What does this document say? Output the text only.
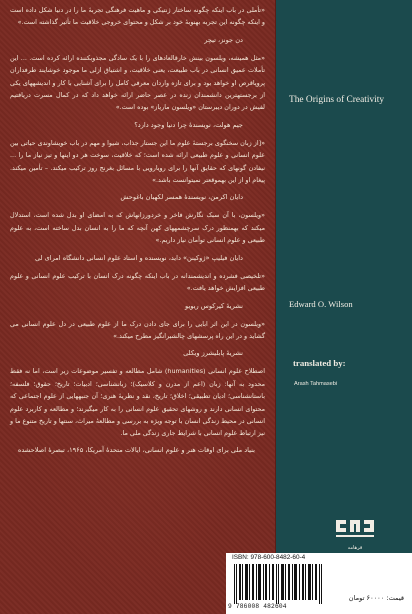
«تأملی در باب اینکه چگونه ساختار ژنتیکی و ماهیت فرهنگی تجربهٔ ما را در دنیا شکل داده است و اینکه چگونه این تجربه بهنوبهٔ خود بر شکل و محتوای خروجی خلاقیت ما تأثیر گذاشته است.»

دن جونز، تیچر

«مثل همیشه، ویلسون بینش خارقالعادهای را با یک سادگی مجذوبکننده ارائه کرده است. ... این تأملات عمیق انسانی در باب طبیعت، یعنی خلاقیت، و اشتیاق ازلی ما موجود خوشایند طرفداران پروپاقرص او خواهد بود و برای تازه واردان معرفی کامل را برای آشنایی با کار و اندیشههای یکی از برجستهترین دانشمندان زنده در عصر حاضر ارائه خواهد داد که در کمال مسرت دریافتیم لفیش در دوران دیبرستان «ویلسون ماریاز» بوده است.»

جیم هولت، نویسندهٔ چرا دنیا وجود دارد؟

«[از زبان سخنگوی برجستهٔ علوم ما این جستار جذاب، شیوا و مهم در باب خویشاوندی حیاتی بین علوم انسانی و علوم طبیعی ارائه شده است؛ که خلاقیت، سوخت هر دو اینها و تیز نیاز ما را ... نیفادن گونهای که حقایق آنها را برای رویارویی با مسائل بغرنج روز ترکیب میکند. – تأمین میکند. پیغام او از این بهموقعتر نمیتوانست باشد.»

دایان اکرمن، نویسندهٔ همسر لکهبان باغوحش

«ویلسون، با آن سبک نگارش فاخر و خردورزانهاش که به امضای او بدل شده است، استدلال میکند که بهمنظور درک سرچشمههای کهن آنچه که ما را به انسان بدل ساخته است، به علوم طبیعی و علوم انسانی توأمان نیاز داریم.»

دایان فیلیپ «ژوکینن» داید، نویسنده و استاد علوم انسانی دانشگاه امرای لی

«تلخیصی فشرده و اندیشمندانه در باب اینکه چگونه درک انسان با ترکیب علوم انسانی و علوم طبیعی افزایش خواهد یافت.»

نشریهٔ کیرکوس ریویو

«ویلسون در این اثر ابایی را برای جای دادن درک ما از علوم طبیعی در دل علوم انسانی می گشاید و در این راه پرسشهای چالشبرانگیز مطرح میکند.»

نشریهٔ پابلیشرز ویکلی

اصطلاح علوم انسانی (humanities) شامل مطالعه و تفسیر موضوعات زیر است، اما نه فقط محدود به آنها: زبان (اعم از مدرن و کلاسیک)؛ زبانشناسی؛ ادبیات؛ تاریخ؛ حقوق؛ فلسفه؛ باستانشناسی؛ ادیان تطبیقی؛ اخلاق؛ تاریخ، نقد و نظریهٔ هنری؛ آن جنبههایی از علوم اجتماعی که محتوای انسانی دارند و روشهای تحقیق علوم انسانی را به کار میگیرند؛ و مطالعه و کاربرد علوم انسانی در محیط زندگی انسان با توجه ویژه به بررسی و مطالعهٔ میراث، سنتها و تاریخ متنوع ما و نیز ارتباط علوم انسانی با شرایط جاری زندگی ملی ما.

بنیاد ملی برای اوقات هنر و علوم انسانی، ایالات متحدهٔ آمریکا، ۱۹۶۵، تبصرهٔ اصلاحشده

The Origins of Creativity
Edward O. Wilson
translated by:
Arash Tahmasebi
فرهامه
ISBN: 978-600-8482-60-4
9 786008 482604
قیمت: ۶۰۰۰۰ تومان
